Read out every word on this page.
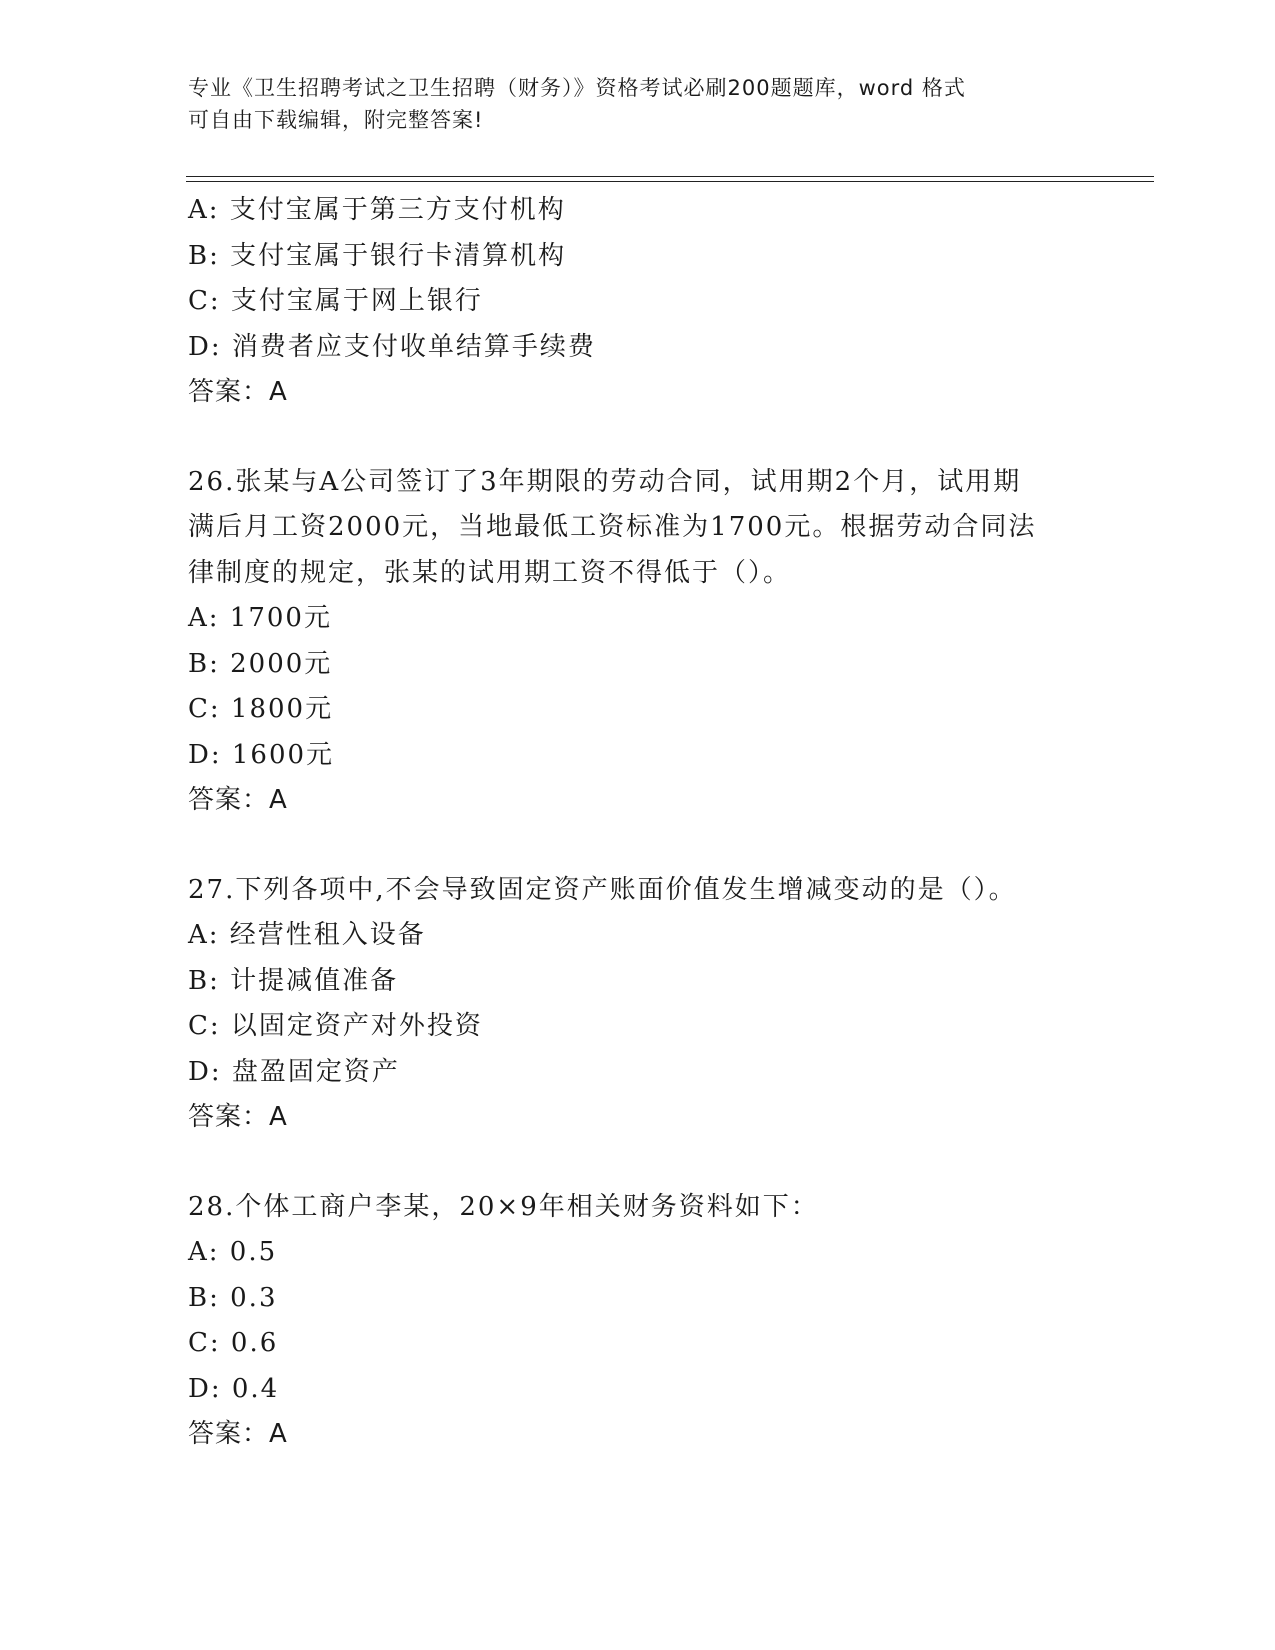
专业《卫生招聘考试之卫生招聘（财务）》资格考试必刷200题题库，word 格式
可自由下载编辑，附完整答案!
A: 支付宝属于第三方支付机构
B: 支付宝属于银行卡清算机构
C: 支付宝属于网上银行
D: 消费者应支付收单结算手续费
答案：A
26.张某与A公司签订了3年期限的劳动合同，试用期2个月，试用期
满后月工资2000元，当地最低工资标准为1700元。根据劳动合同法
律制度的规定，张某的试用期工资不得低于（）。
A: 1700元
B: 2000元
C: 1800元
D: 1600元
答案：A
27.下列各项中,不会导致固定资产账面价值发生增减变动的是（）。
A: 经营性租入设备
B: 计提减值准备
C: 以固定资产对外投资
D: 盘盈固定资产
答案：A
28.个体工商户李某，20×9年相关财务资料如下：
A: 0.5
B: 0.3
C: 0.6
D: 0.4
答案：A
